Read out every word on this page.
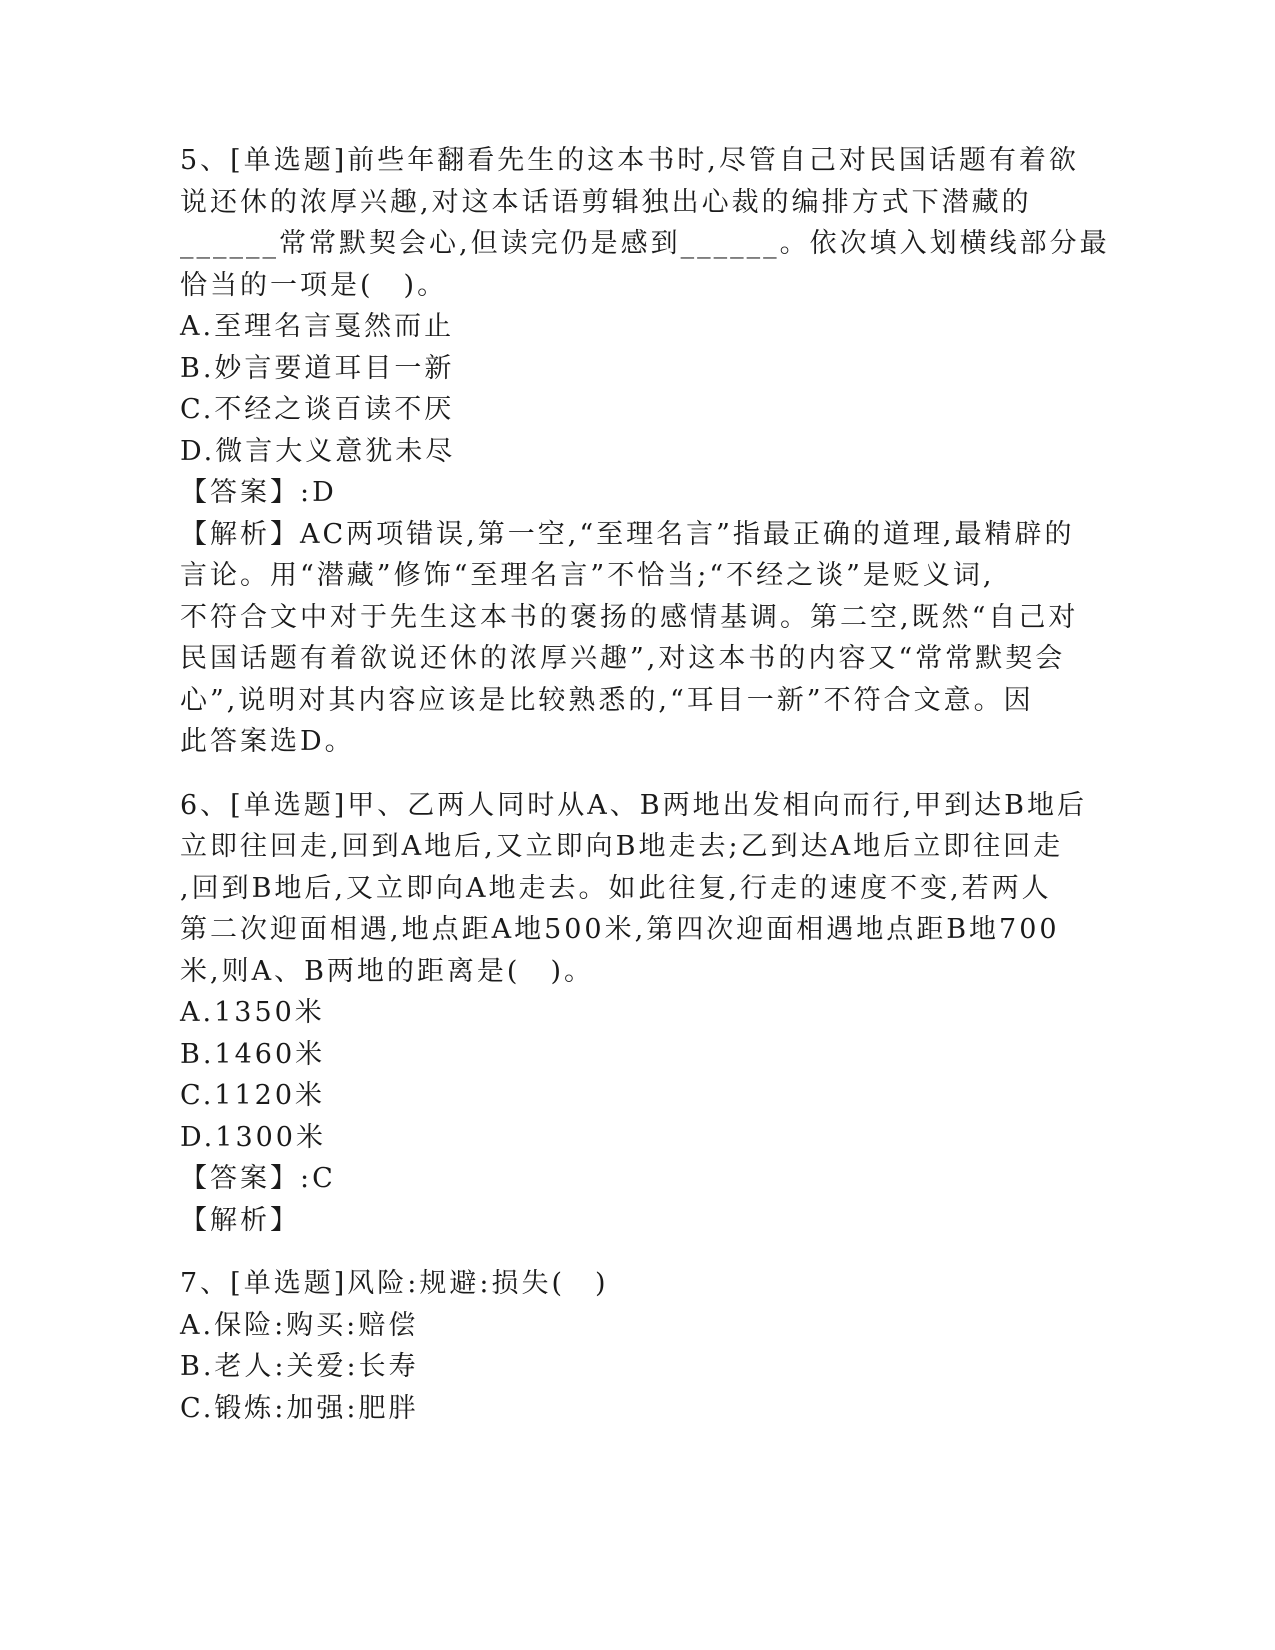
5、[单选题]前些年翻看先生的这本书时,尽管自己对民国话题有着欲
说还休的浓厚兴趣,对这本话语剪辑独出心裁的编排方式下潜藏的
______常常默契会心,但读完仍是感到______。依次填入划横线部分最
恰当的一项是(　)。
A.至理名言戛然而止
B.妙言要道耳目一新
C.不经之谈百读不厌
D.微言大义意犹未尽
【答案】:D
【解析】AC两项错误,第一空,“至理名言”指最正确的道理,最精辟的
言论。用“潜藏”修饰“至理名言”不恰当;“不经之谈”是贬义词,
不符合文中对于先生这本书的褒扬的感情基调。第二空,既然“自己对
民国话题有着欲说还休的浓厚兴趣”,对这本书的内容又“常常默契会
心”,说明对其内容应该是比较熟悉的,“耳目一新”不符合文意。因
此答案选D。
6、[单选题]甲、乙两人同时从A、B两地出发相向而行,甲到达B地后
立即往回走,回到A地后,又立即向B地走去;乙到达A地后立即往回走
,回到B地后,又立即向A地走去。如此往复,行走的速度不变,若两人
第二次迎面相遇,地点距A地500米,第四次迎面相遇地点距B地700
米,则A、B两地的距离是(　)。
A.1350米
B.1460米
C.1120米
D.1300米
【答案】:C
【解析】
7、[单选题]风险:规避:损失(　)
A.保险:购买:赔偿
B.老人:关爱:长寿
C.锻炼:加强:肥胖
